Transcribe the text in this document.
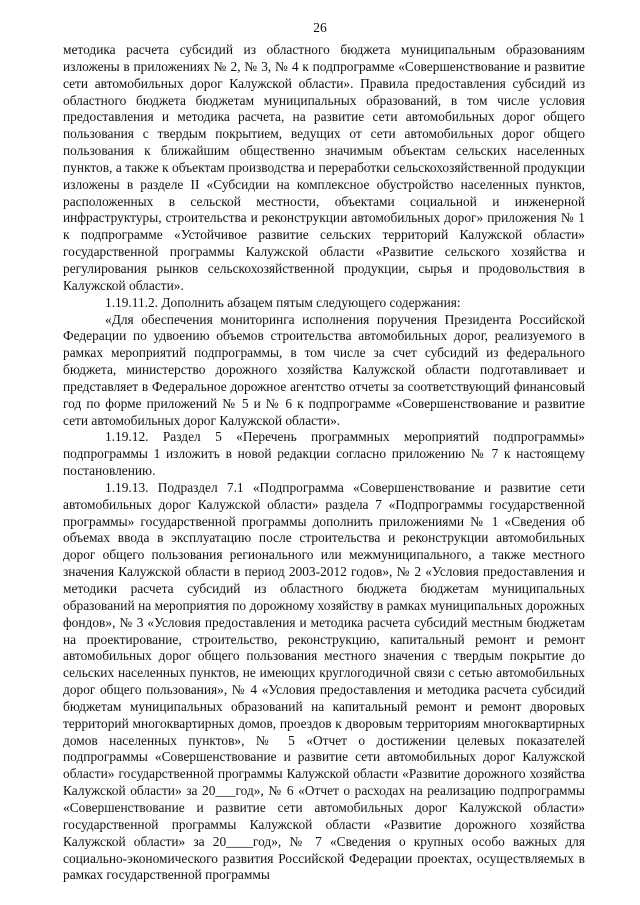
26

методика расчета субсидий из областного бюджета муниципальным образованиям изложены в приложениях № 2, № 3, № 4 к подпрограмме «Совершенствование и развитие сети автомобильных дорог Калужской области». Правила предоставления субсидий из областного бюджета бюджетам муниципальных образований, в том числе условия предоставления и методика расчета, на развитие сети автомобильных дорог общего пользования с твердым покрытием, ведущих от сети автомобильных дорог общего пользования к ближайшим общественно значимым объектам сельских населенных пунктов, а также к объектам производства и переработки сельскохозяйственной продукции изложены в разделе II «Субсидии на комплексное обустройство населенных пунктов, расположенных в сельской местности, объектами социальной и инженерной инфраструктуры, строительства и реконструкции автомобильных дорог» приложения № 1 к подпрограмме «Устойчивое развитие сельских территорий Калужской области» государственной программы Калужской области «Развитие сельского хозяйства и регулирования рынков сельскохозяйственной продукции, сырья и продовольствия в Калужской области».

1.19.11.2. Дополнить абзацем пятым следующего содержания:

«Для обеспечения мониторинга исполнения поручения Президента Российской Федерации по удвоению объемов строительства автомобильных дорог, реализуемого в рамках мероприятий подпрограммы, в том числе за счет субсидий из федерального бюджета, министерство дорожного хозяйства Калужской области подготавливает и представляет в Федеральное дорожное агентство отчеты за соответствующий финансовый год по форме приложений № 5 и № 6 к подпрограмме «Совершенствование и развитие сети автомобильных дорог Калужской области».

1.19.12. Раздел 5 «Перечень программных мероприятий подпрограммы» подпрограммы 1 изложить в новой редакции согласно приложению № 7 к настоящему постановлению.

1.19.13. Подраздел 7.1 «Подпрограмма «Совершенствование и развитие сети автомобильных дорог Калужской области» раздела 7 «Подпрограммы государственной программы» государственной программы дополнить приложениями № 1 «Сведения об объемах ввода в эксплуатацию после строительства и реконструкции автомобильных дорог общего пользования регионального или межмуниципального, а также местного значения Калужской области в период 2003-2012 годов», № 2 «Условия предоставления и методики расчета субсидий из областного бюджета бюджетам муниципальных образований на мероприятия по дорожному хозяйству в рамках муниципальных дорожных фондов», № 3 «Условия предоставления и методика расчета субсидий местным бюджетам на проектирование, строительство, реконструкцию, капитальный ремонт и ремонт автомобильных дорог общего пользования местного значения с твердым покрытие до сельских населенных пунктов, не имеющих круглогодичной связи с сетью автомобильных дорог общего пользования», № 4 «Условия предоставления и методика расчета субсидий бюджетам муниципальных образований на капитальный ремонт и ремонт дворовых территорий многоквартирных домов, проездов к дворовым территориям многоквартирных домов населенных пунктов», № 5 «Отчет о достижении целевых показателей подпрограммы «Совершенствование и развитие сети автомобильных дорог Калужской области» государственной программы Калужской области «Развитие дорожного хозяйства Калужской области» за 20___год», № 6 «Отчет о расходах на реализацию подпрограммы «Совершенствование и развитие сети автомобильных дорог Калужской области» государственной программы Калужской области «Развитие дорожного хозяйства Калужской области» за 20____год», № 7 «Сведения о крупных особо важных для социально-экономического развития Российской Федерации проектах, осуществляемых в рамках государственной программы
